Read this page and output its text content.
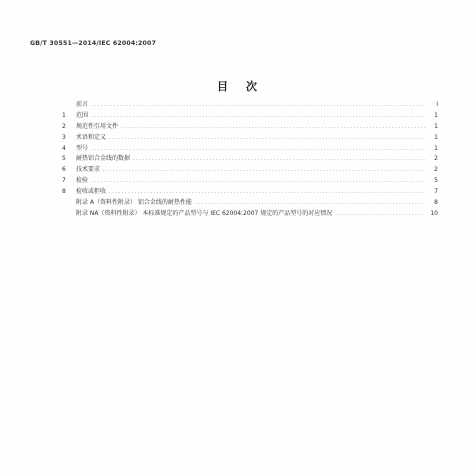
GB/T 30551—2014/IEC 62004:2007
目 次
前言 .....	I
1	范围 .....	1
2	规范性引用文件 .....	1
3	术语和定义 .....	1
4	型号 .....	1
5	耐热铝合金线的数据 .....	2
6	技术要求 .....	2
7	检验 .....	5
8	检收或拒收 .....	7
附录 A（资料性附录） 铝合金线的耐热性能 .....	8
附录 NA（资料性附录） 本标准规定的产品型号与 IEC 62004:2007 规定的产品型号的对应情况 .....	10
